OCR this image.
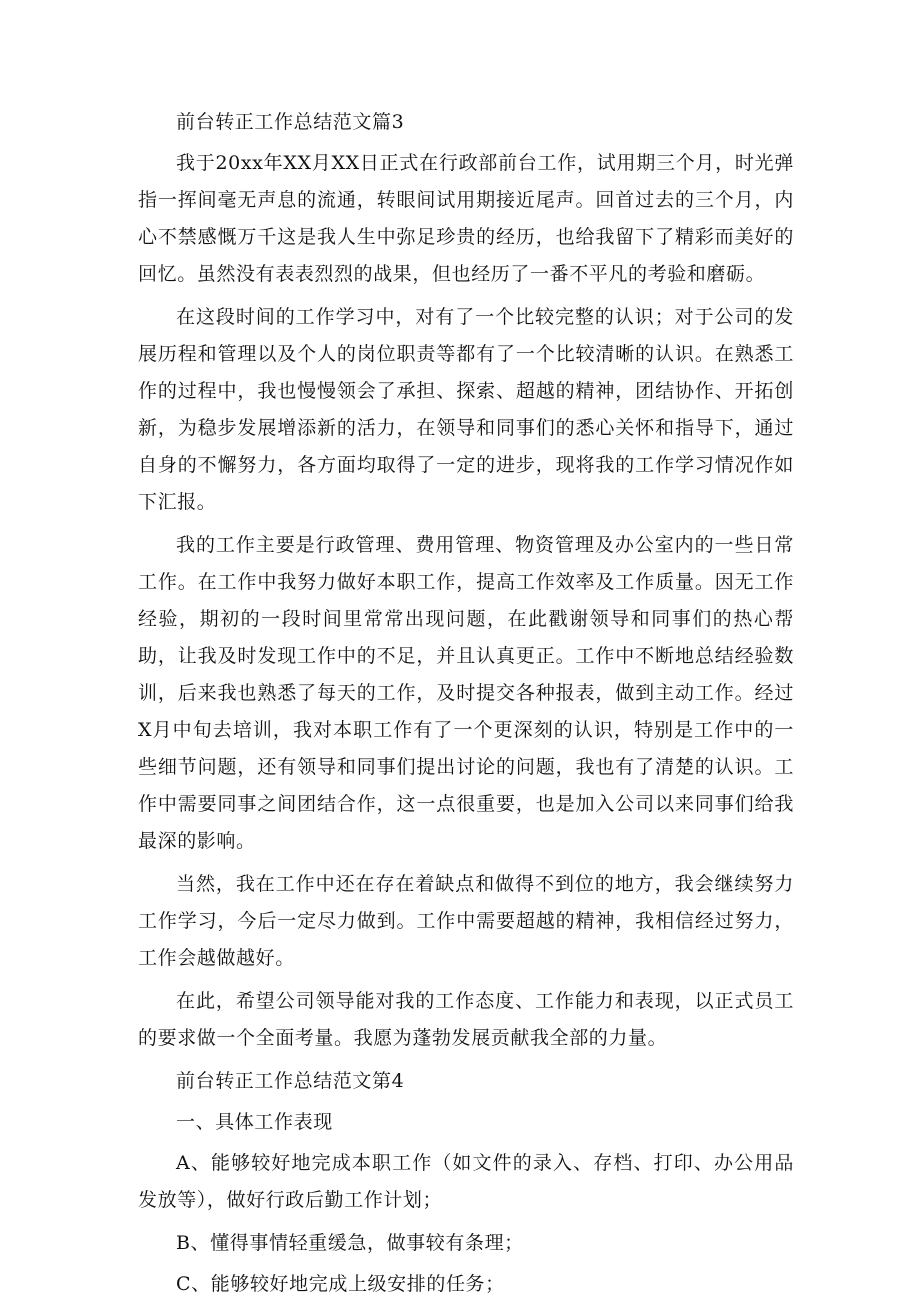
前台转正工作总结范文篇3

我于20xx年XX月XX日正式在行政部前台工作，试用期三个月，时光弹指一挥间毫无声息的流通，转眼间试用期接近尾声。回首过去的三个月，内心不禁感慨万千这是我人生中弥足珍贵的经历，也给我留下了精彩而美好的回忆。虽然没有表表烈烈的战果，但也经历了一番不平凡的考验和磨砺。

在这段时间的工作学习中，对有了一个比较完整的认识；对于公司的发展历程和管理以及个人的岗位职责等都有了一个比较清晰的认识。在熟悉工作的过程中，我也慢慢领会了承担、探索、超越的精神，团结协作、开拓创新，为稳步发展增添新的活力，在领导和同事们的悉心关怀和指导下，通过自身的不懈努力，各方面均取得了一定的进步，现将我的工作学习情况作如下汇报。

我的工作主要是行政管理、费用管理、物资管理及办公室内的一些日常工作。在工作中我努力做好本职工作，提高工作效率及工作质量。因无工作经验，期初的一段时间里常常出现问题，在此戳谢领导和同事们的热心帮助，让我及时发现工作中的不足，并且认真更正。工作中不断地总结经验数训，后来我也熟悉了每天的工作，及时提交各种报表，做到主动工作。经过X月中旬去培训，我对本职工作有了一个更深刻的认识，特别是工作中的一些细节问题，还有领导和同事们提出讨论的问题，我也有了清楚的认识。工作中需要同事之间团结合作，这一点很重要，也是加入公司以来同事们给我最深的影响。

当然，我在工作中还在存在着缺点和做得不到位的地方，我会继续努力工作学习，今后一定尽力做到。工作中需要超越的精神，我相信经过努力，工作会越做越好。

在此，希望公司领导能对我的工作态度、工作能力和表现，以正式员工的要求做一个全面考量。我愿为蓬勃发展贡献我全部的力量。

前台转正工作总结范文第4

一、具体工作表现

A、能够较好地完成本职工作（如文件的录入、存档、打印、办公用品发放等），做好行政后勤工作计划；

B、懂得事情轻重缓急，做事较有条理；

C、能够较好地完成上级安排的任务；
